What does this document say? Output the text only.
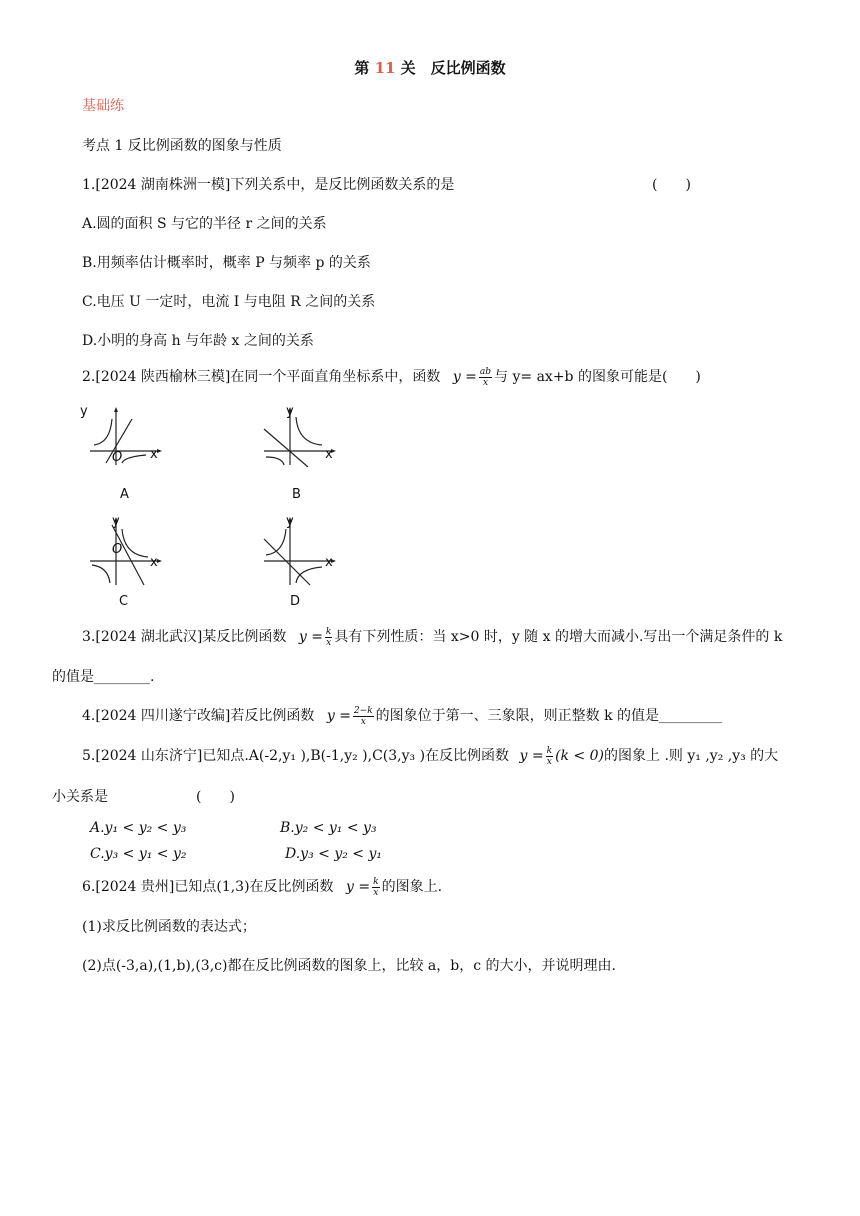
第 11 关　反比例函数
基础练
考点 1 反比例函数的图象与性质
1.[2024 湖南株洲一模]下列关系中，是反比例函数关系的是	(　　)
A.圆的面积 S 与它的半径 r 之间的关系
B.用频率估计概率时，概率 P 与频率 p 的关系
C.电压 U 一定时，电流 I 与电阻 R 之间的关系
D.小明的身高 h 与年龄 x 之间的关系
2.[2024 陕西榆林三模]在同一个平面直角坐标系中，函数 $y = \frac{ab}{x}$ 与 y= ax+b 的图象可能是(　　)
y
x
O
A
y
x
B
y
x
O
C
y
x
D
3.[2024 湖北武汉]某反比例函数 $y = \frac{k}{x}$ 具有下列性质：当 x>0 时，y 随 x 的增大而减小.写出一个满足条件的 k
的值是________.
4.[2024 四川遂宁改编]若反比例函数 $y = \frac{2-k}{x}$ 的图象位于第一、三象限，则正整数 k 的值是_________
5.[2024 山东济宁]已知点.A(-2,y₁ ),B(-1,y₂ ),C(3,y₃ )在反比例函数 $y = \frac{k}{x} (k < 0)$的图象上 .则 y₁ ,y₂ ,y₃ 的大
小关系是	(　　)
A.y₁ < y₂ < y₃	B.y₂ < y₁ < y₃
C.y₃ < y₁ < y₂	D.y₃ < y₂ < y₁
6.[2024 贵州]已知点(1,3)在反比例函数 $y = \frac{k}{x}$ 的图象上.
(1)求反比例函数的表达式；
(2)点(-3,a),(1,b),(3,c)都在反比例函数的图象上，比较 a，b，c 的大小，并说明理由.
